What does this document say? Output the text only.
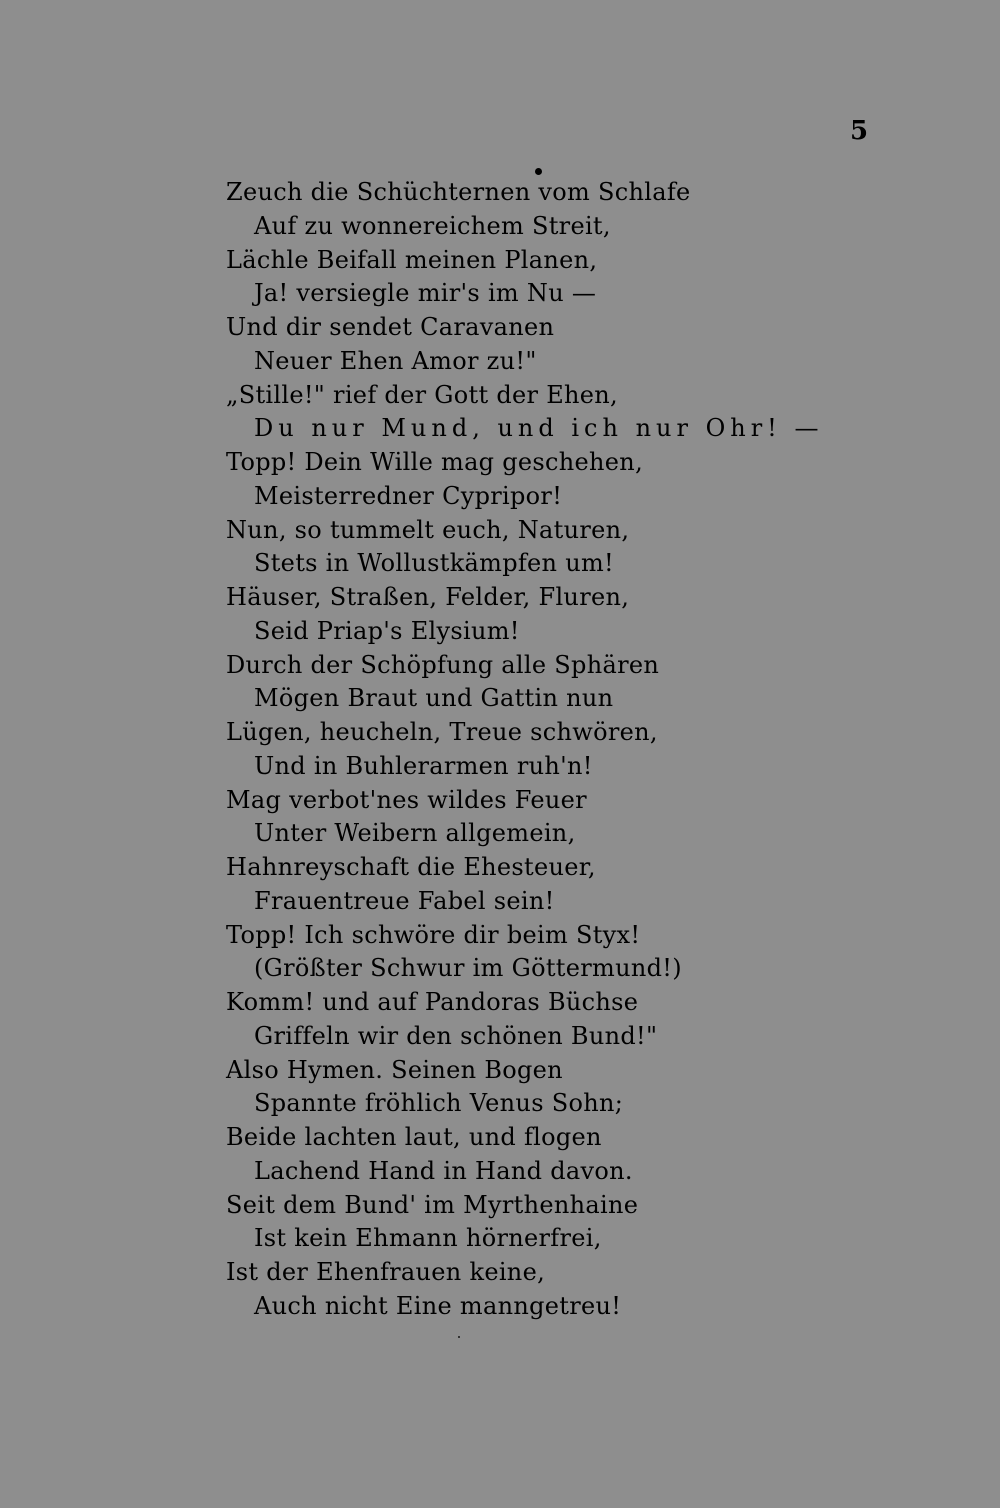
5
Zeuch die Schüchternen vom Schlafe
Auf zu wonnereichem Streit,
Lächle Beifall meinen Planen,
Ja! versiegle mir's im Nu —
Und dir sendet Caravanen
Neuer Ehen Amor zu!"
„Stille!" rief der Gott der Ehen,
Du nur Mund, und ich nur Ohr! —
Topp! Dein Wille mag geschehen,
Meisterredner Cypripor!
Nun, so tummelt euch, Naturen,
Stets in Wollustkämpfen um!
Häuser, Straßen, Felder, Fluren,
Seid Priap's Elysium!
Durch der Schöpfung alle Sphären
Mögen Braut und Gattin nun
Lügen, heucheln, Treue schwören,
Und in Buhlerarmen ruh'n!
Mag verbot'nes wildes Feuer
Unter Weibern allgemein,
Hahnreyschaft die Ehesteuer,
Frauentreue Fabel sein!
Topp! Ich schwöre dir beim Styx!
(Größter Schwur im Göttermund!)
Komm! und auf Pandoras Büchse
Griffeln wir den schönen Bund!"
Also Hymen. Seinen Bogen
Spannte fröhlich Venus Sohn;
Beide lachten laut, und flogen
Lachend Hand in Hand davon.
Seit dem Bund' im Myrthenhaine
Ist kein Ehmann hörnerfrei,
Ist der Ehenfrauen keine,
Auch nicht Eine manngetreu!
